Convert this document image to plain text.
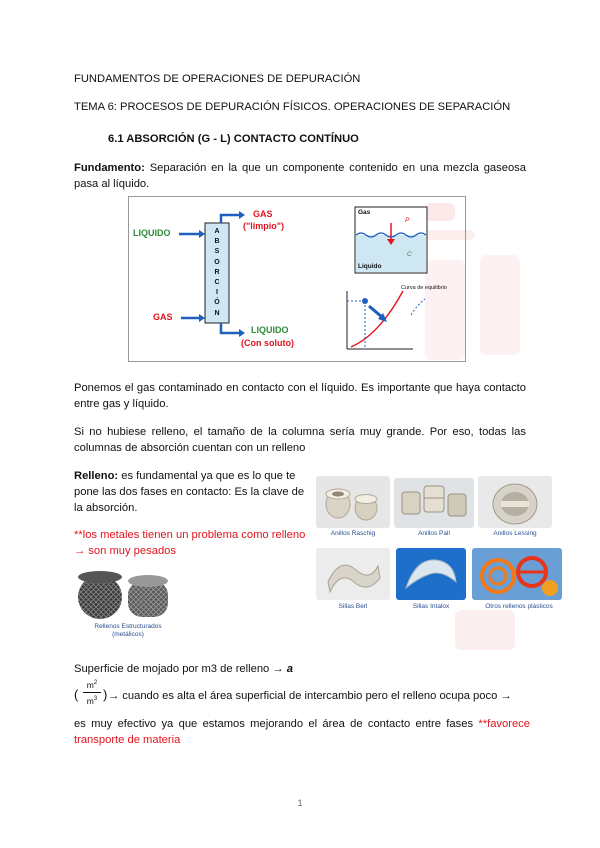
FUNDAMENTOS DE OPERACIONES DE DEPURACIÓN
TEMA 6: PROCESOS DE DEPURACIÓN FÍSICOS. OPERACIONES DE SEPARACIÓN
6.1 ABSORCIÓN (G - L) CONTACTO CONTÍNUO
Fundamento: Separación en la que un componente contenido en una mezcla gaseosa pasa al líquido.
A
B
S
O
R
C
I
Ó
N
LIQUIDO
GAS
GAS
("limpio")
LIQUIDO
(Con soluto)
Gas
Líquido
P
C
Curva de equilibrio
Ponemos el gas contaminado en contacto con el líquido. Es importante que haya contacto entre gas y líquido.
Si no hubiese relleno, el tamaño de la columna sería muy grande. Por eso, todas las columnas de absorción cuentan con un relleno
Relleno: es fundamental ya que es lo que te pone las dos fases en contacto: Es la clave de la absorción.
**los metales tienen un problema como relleno → son muy pesados
Rellenos Estructurados
(metálicos)
Anillos Raschig	Anillos Pall	Anillos Lessing
Sillas Berl	Sillas Intalox	Otros rellenos plásticos
Superficie de mojado por m3 de relleno → a
(
$m^2$
$m^3$ ) → cuando es alta el área superficial de intercambio pero el relleno ocupa poco →
es muy efectivo ya que estamos mejorando el área de contacto entre fases **favorece
transporte de materia
1
